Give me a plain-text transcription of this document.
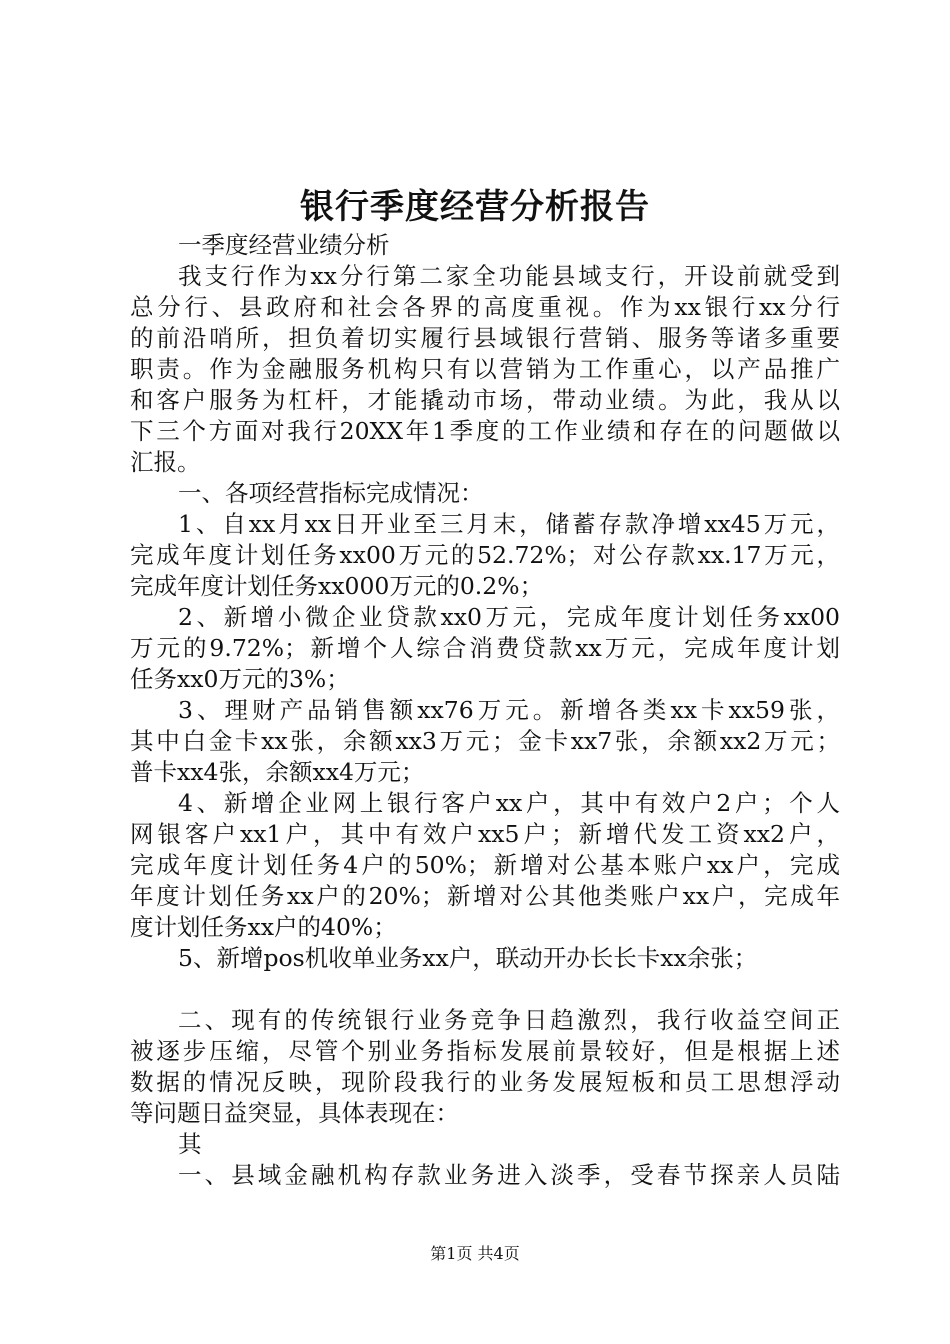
银行季度经营分析报告
一季度经营业绩分析
我支行作为xx分行第二家全功能县域支行，开设前就受到
总分行、县政府和社会各界的高度重视。作为xx银行xx分行
的前沿哨所，担负着切实履行县域银行营销、服务等诸多重要
职责。作为金融服务机构只有以营销为工作重心，以产品推广
和客户服务为杠杆，才能撬动市场，带动业绩。为此，我从以
下三个方面对我行20XX年1季度的工作业绩和存在的问题做以
汇报。
一、各项经营指标完成情况：
1、自xx月xx日开业至三月末，储蓄存款净增xx45万元，
完成年度计划任务xx00万元的52.72%；对公存款xx.17万元，
完成年度计划任务xx000万元的0.2%；
2、新增小微企业贷款xx0万元，完成年度计划任务xx00
万元的9.72%；新增个人综合消费贷款xx万元，完成年度计划
任务xx0万元的3%；
3、理财产品销售额xx76万元。新增各类xx卡xx59张，
其中白金卡xx张，余额xx3万元；金卡xx7张，余额xx2万元；
普卡xx4张，余额xx4万元；
4、新增企业网上银行客户xx户，其中有效户2户；个人
网银客户xx1户，其中有效户xx5户；新增代发工资xx2户，
完成年度计划任务4户的50%；新增对公基本账户xx户，完成
年度计划任务xx户的20%；新增对公其他类账户xx户，完成年
度计划任务xx户的40%；
5、新增pos机收单业务xx户，联动开办长长卡xx余张；
二、现有的传统银行业务竞争日趋激烈，我行收益空间正
被逐步压缩，尽管个别业务指标发展前景较好，但是根据上述
数据的情况反映，现阶段我行的业务发展短板和员工思想浮动
等问题日益突显，具体表现在：
其
一、县域金融机构存款业务进入淡季，受春节探亲人员陆
第1页 共4页
